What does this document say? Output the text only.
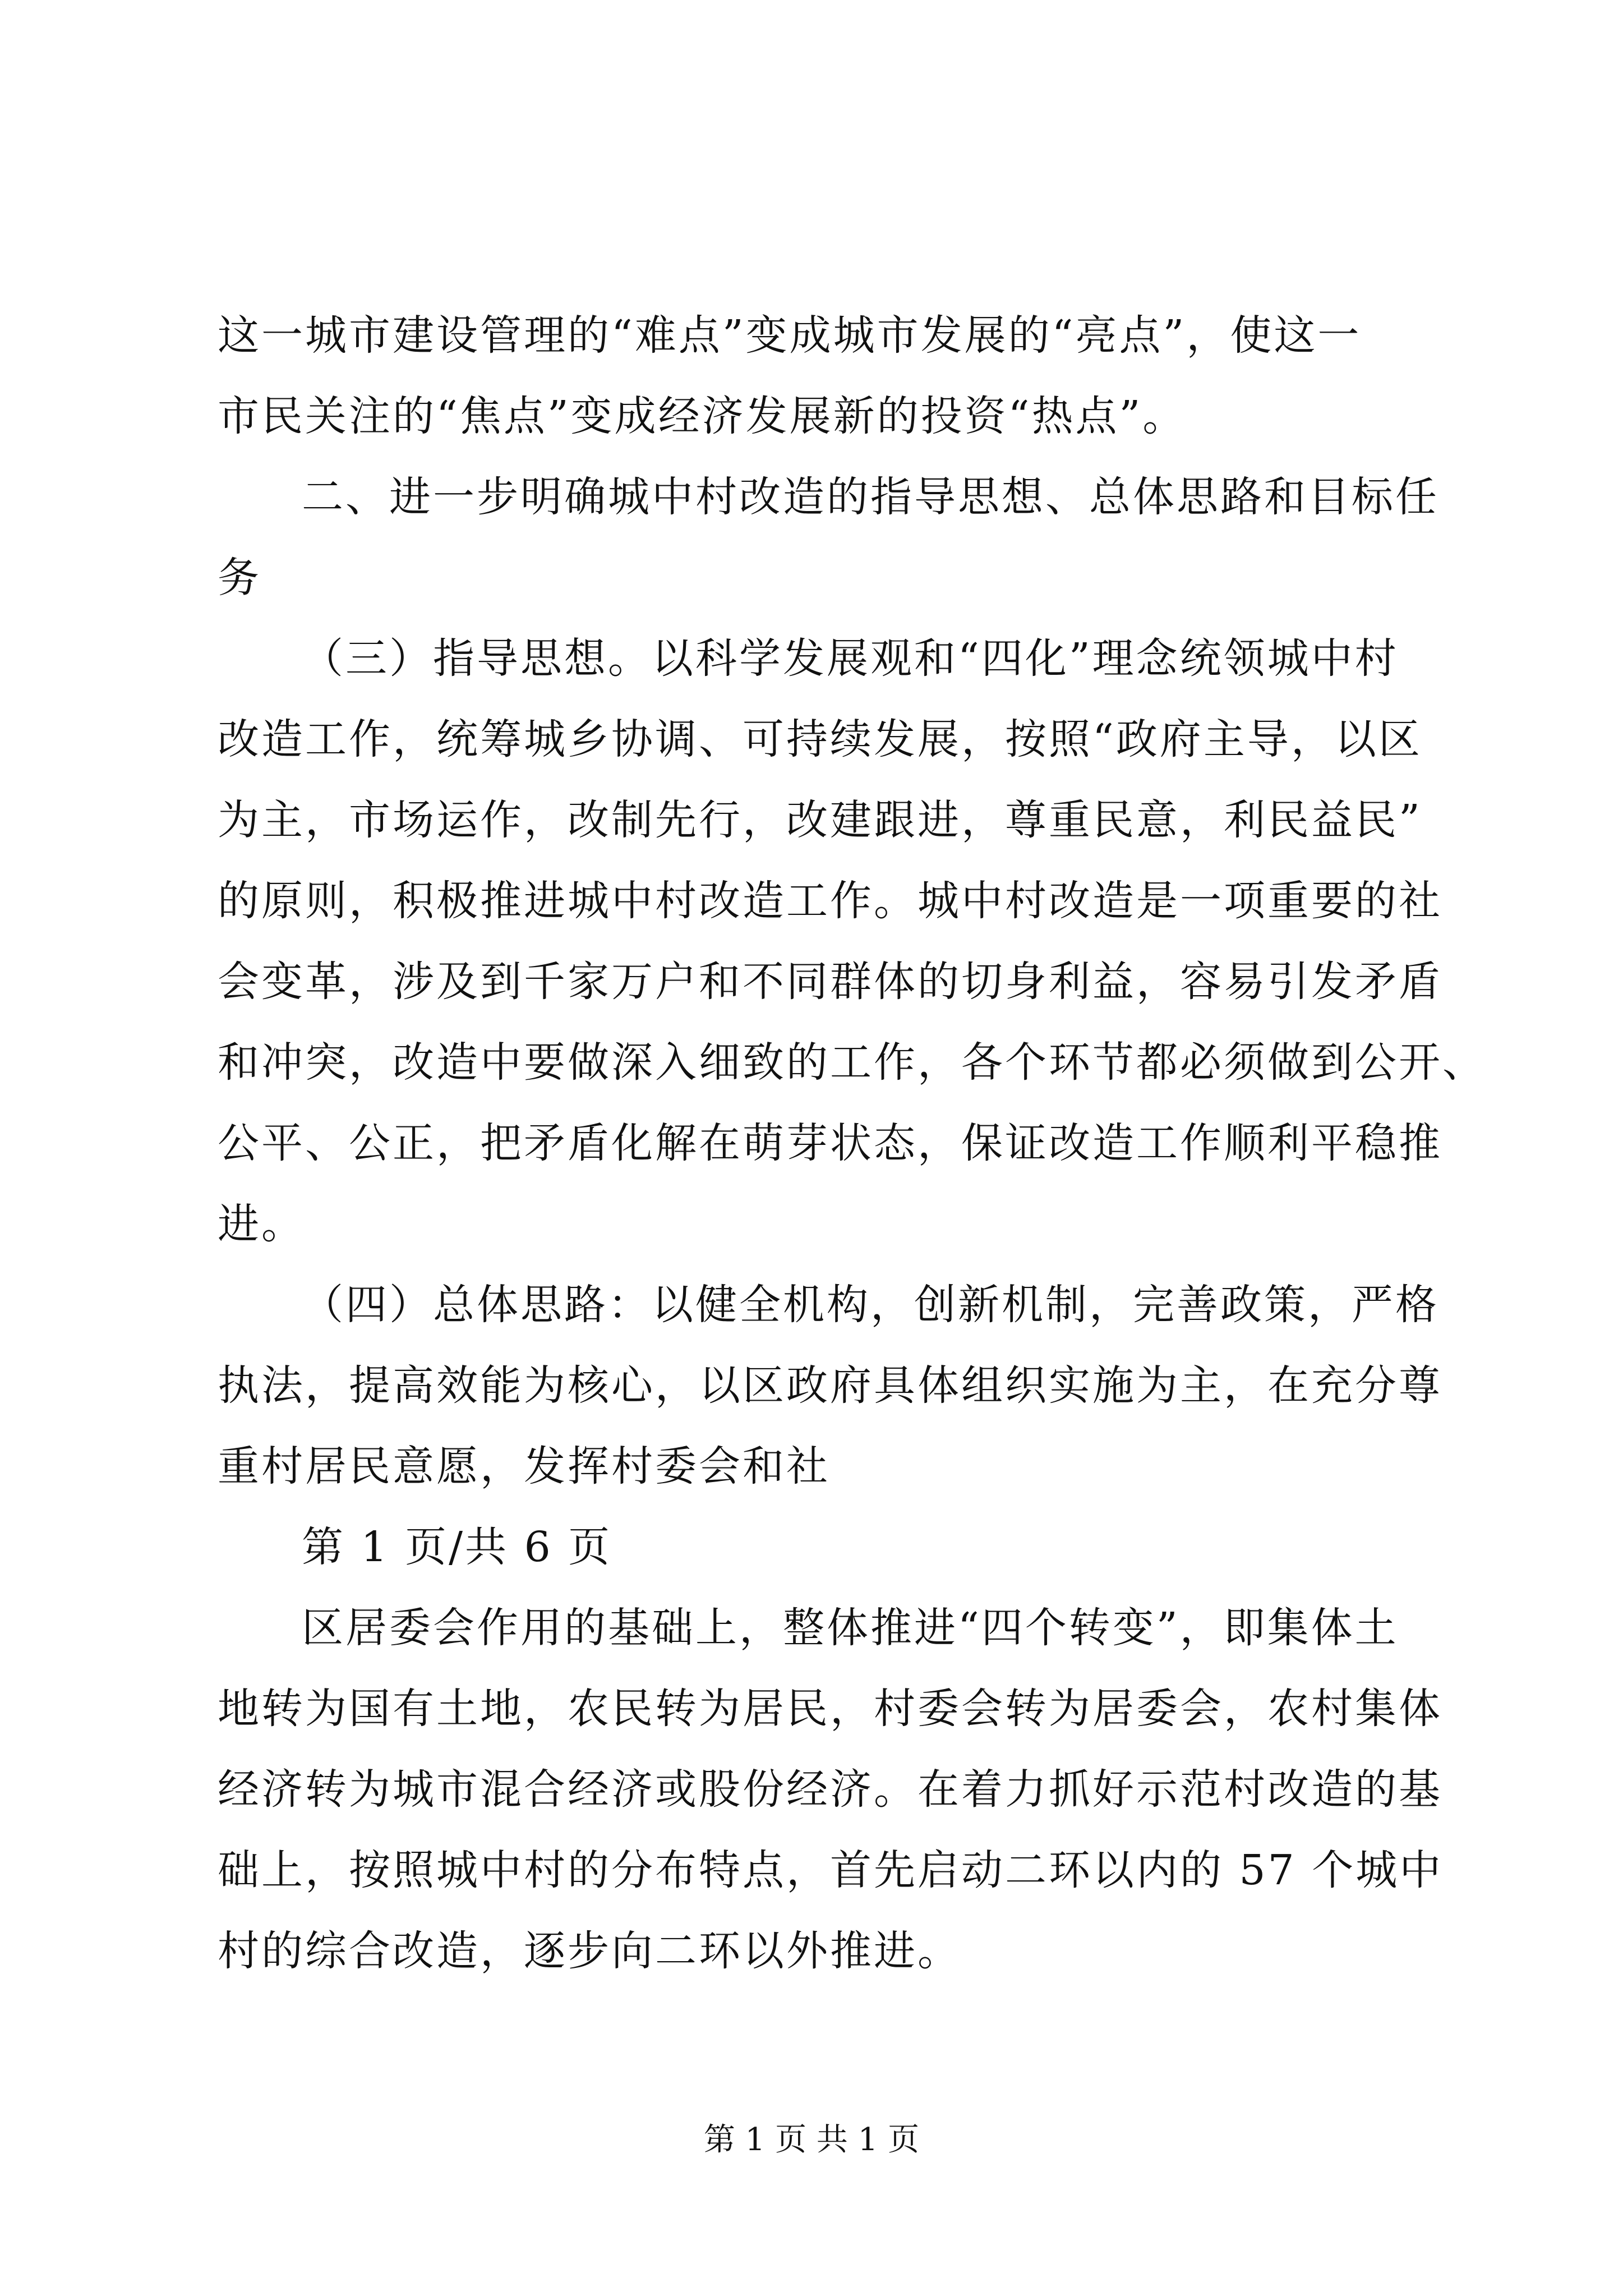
这一城市建设管理的“难点”变成城市发展的“亮点”，使这一
市民关注的“焦点”变成经济发展新的投资“热点”。
二、进一步明确城中村改造的指导思想、总体思路和目标任
务
（三）指导思想。以科学发展观和“四化”理念统领城中村
改造工作，统筹城乡协调、可持续发展，按照“政府主导，以区
为主，市场运作，改制先行，改建跟进，尊重民意，利民益民”
的原则，积极推进城中村改造工作。城中村改造是一项重要的社
会变革，涉及到千家万户和不同群体的切身利益，容易引发矛盾
和冲突，改造中要做深入细致的工作，各个环节都必须做到公开、
公平、公正，把矛盾化解在萌芽状态，保证改造工作顺利平稳推
进。
（四）总体思路：以健全机构，创新机制，完善政策，严格
执法，提高效能为核心，以区政府具体组织实施为主，在充分尊
重村居民意愿，发挥村委会和社
第 1 页/共 6 页
区居委会作用的基础上，整体推进“四个转变”，即集体土
地转为国有土地，农民转为居民，村委会转为居委会，农村集体
经济转为城市混合经济或股份经济。在着力抓好示范村改造的基
础上，按照城中村的分布特点，首先启动二环以内的 57 个城中
村的综合改造，逐步向二环以外推进。
第 1 页 共 1 页
